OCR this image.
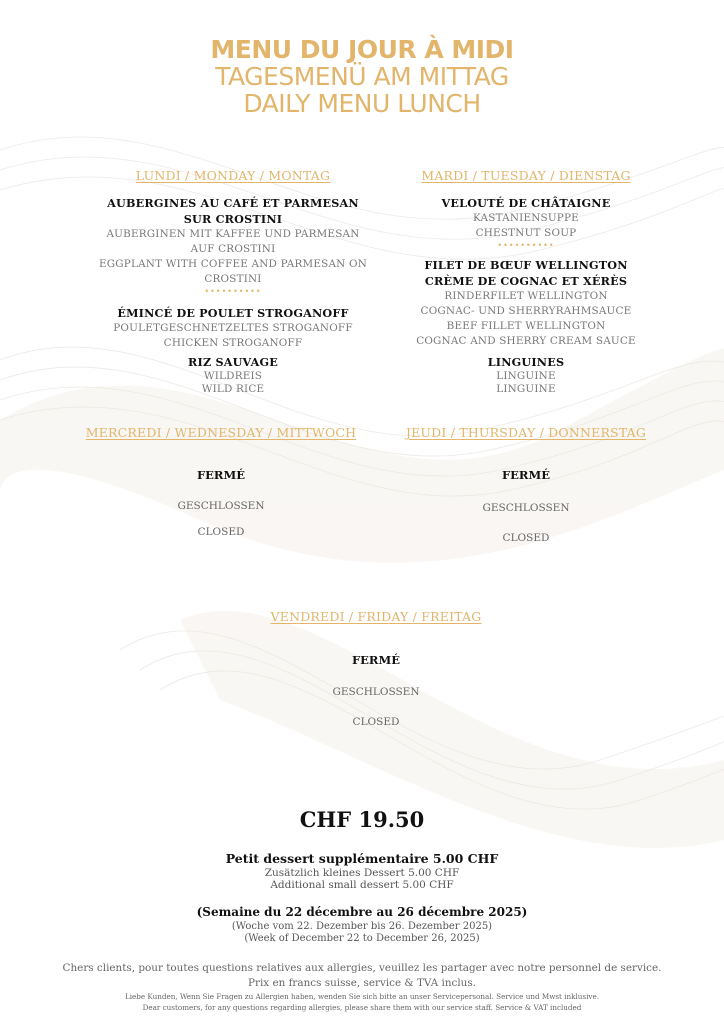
MENU DU JOUR À MIDI
TAGESMENÜ AM MITTAG
DAILY MENU LUNCH
LUNDI / MONDAY / MONTAG
AUBERGINES AU CAFÉ ET PARMESAN
SUR CROSTINI
AUBERGINEN MIT KAFFEE UND PARMESAN
AUF CROSTINI
EGGPLANT WITH COFFEE AND PARMESAN ON
CROSTINI
••••••••••
ÉMINCÉ DE POULET STROGANOFF
POULETGESCHNETZELTES STROGANOFF
CHICKEN STROGANOFF
RIZ SAUVAGE
WILDREIS
WILD RICE
MARDI / TUESDAY / DIENSTAG
VELOUTÉ DE CHÂTAIGNE
KASTANIENSUPPE
CHESTNUT SOUP
••••••••••
FILET DE BŒUF WELLINGTON
CRÈME DE COGNAC ET XÉRÈS
RINDERFILET WELLINGTON
COGNAC- UND SHERRYRAHMSAUCE
BEEF FILLET WELLINGTON
COGNAC AND SHERRY CREAM SAUCE
LINGUINES
LINGUINE
LINGUINE
MERCREDI / WEDNESDAY / MITTWOCH
FERMÉ
GESCHLOSSEN
CLOSED
JEUDI / THURSDAY / DONNERSTAG
FERMÉ
GESCHLOSSEN
CLOSED
VENDREDI / FRIDAY / FREITAG
FERMÉ
GESCHLOSSEN
CLOSED
CHF 19.50
Petit dessert supplémentaire 5.00 CHF
Zusätzlich kleines Dessert 5.00 CHF
Additional small dessert 5.00 CHF
(Semaine du 22 décembre au 26 décembre 2025)
(Woche vom 22. Dezember bis 26. Dezember 2025)
(Week of December 22 to December 26, 2025)
Chers clients, pour toutes questions relatives aux allergies, veuillez les partager avec notre personnel de service.
Prix en francs suisse, service & TVA inclus.
Liebe Kunden, Wenn Sie Fragen zu Allergien haben, wenden Sie sich bitte an unser Servicepersonal. Service und Mwst inklusive.
Dear customers, for any questions regarding allergies, please share them with our service staff. Service & VAT included
